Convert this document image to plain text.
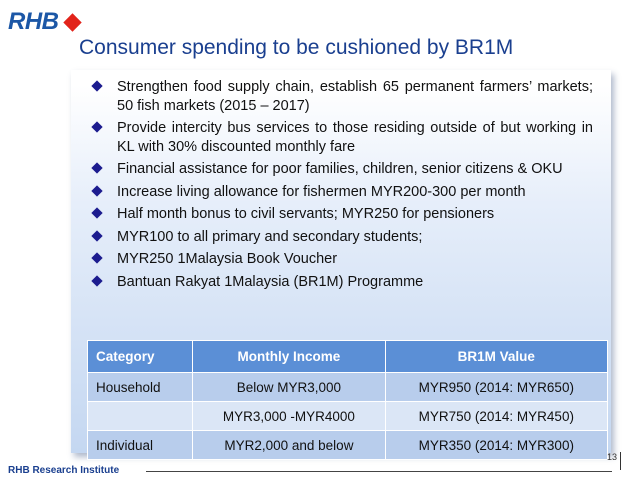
RHB
Consumer spending to be cushioned by BR1M
Strengthen food supply chain, establish 65 permanent farmers’ markets; 50 fish markets (2015 – 2017)
Provide intercity bus services to those residing outside of but working in KL with 30% discounted monthly fare
Financial assistance for poor families, children, senior citizens & OKU
Increase living allowance for fishermen MYR200-300 per month
Half month bonus to civil servants; MYR250 for pensioners
MYR100 to all primary and secondary students;
MYR250 1Malaysia Book Voucher
Bantuan Rakyat 1Malaysia (BR1M) Programme
Category	Monthly Income	BR1M Value
Household	Below MYR3,000	MYR950 (2014: MYR650)
	MYR3,000 -MYR4000	MYR750 (2014: MYR450)
Individual	MYR2,000 and below	MYR350 (2014: MYR300)
RHB Research Institute
13
